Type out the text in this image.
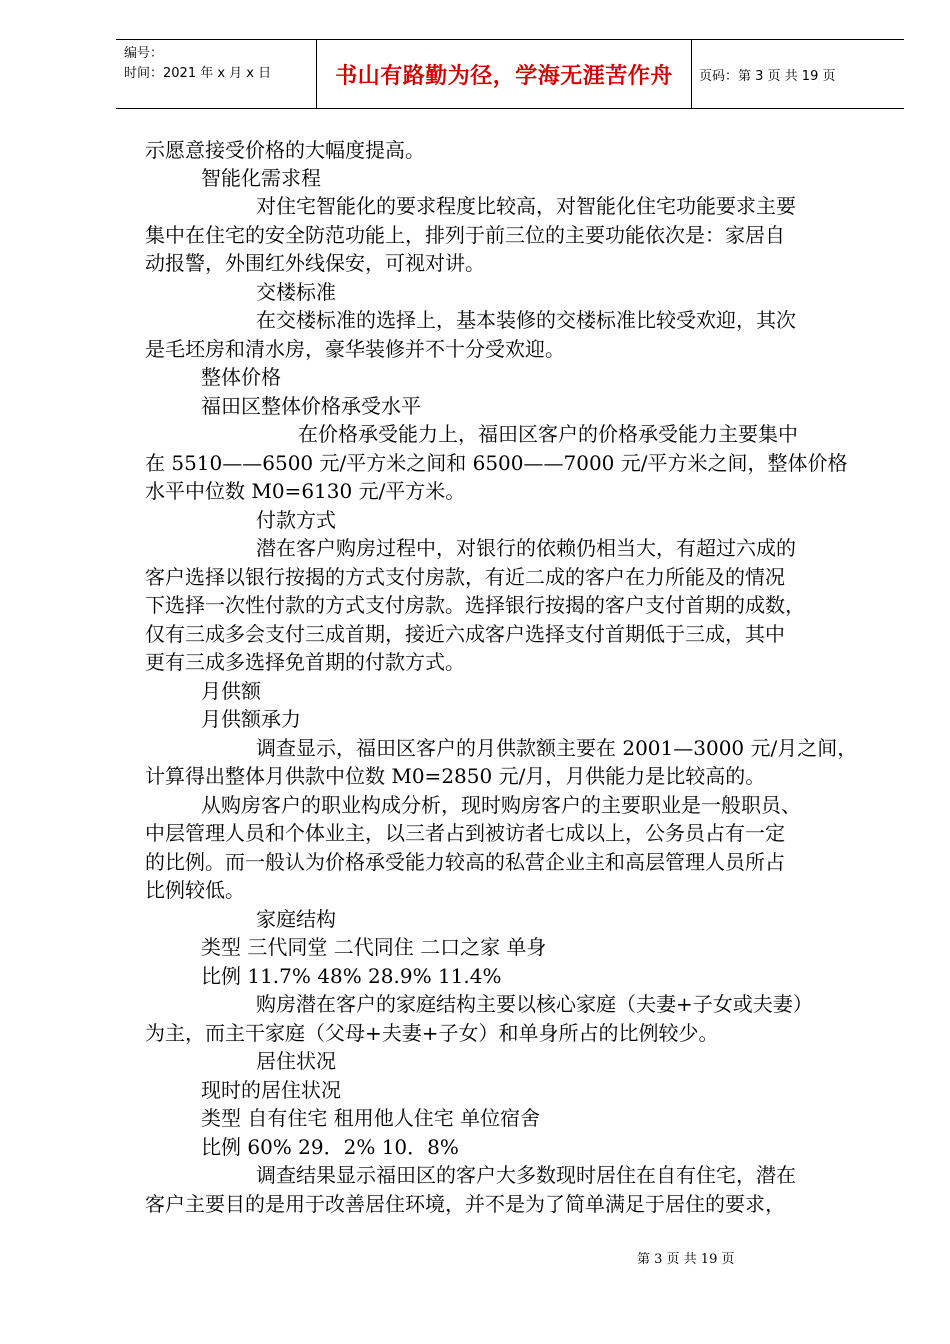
编号：
时间：2021 年 x 月 x 日	书山有路勤为径，学海无涯苦作舟 页码：第 3 页 共 19 页
示愿意接受价格的大幅度提高。
智能化需求程
对住宅智能化的要求程度比较高，对智能化住宅功能要求主要
集中在住宅的安全防范功能上，排列于前三位的主要功能依次是：家居自
动报警，外围红外线保安，可视对讲。
交楼标准
在交楼标准的选择上，基本装修的交楼标准比较受欢迎，其次
是毛坯房和清水房，豪华装修并不十分受欢迎。
整体价格
福田区整体价格承受水平
在价格承受能力上，福田区客户的价格承受能力主要集中
在 5510——6500 元/平方米之间和 6500——7000 元/平方米之间，整体价格
水平中位数 M0=6130 元/平方米。
付款方式
潜在客户购房过程中，对银行的依赖仍相当大，有超过六成的
客户选择以银行按揭的方式支付房款，有近二成的客户在力所能及的情况
下选择一次性付款的方式支付房款。选择银行按揭的客户支付首期的成数，
仅有三成多会支付三成首期，接近六成客户选择支付首期低于三成，其中
更有三成多选择免首期的付款方式。
月供额
月供额承力
调查显示，福田区客户的月供款额主要在 2001—3000 元/月之间，
计算得出整体月供款中位数 M0=2850 元/月，月供能力是比较高的。
从购房客户的职业构成分析，现时购房客户的主要职业是一般职员、
中层管理人员和个体业主，以三者占到被访者七成以上，公务员占有一定
的比例。而一般认为价格承受能力较高的私营企业主和高层管理人员所占
比例较低。
家庭结构
类型 三代同堂 二代同住 二口之家 单身
比例 11.7% 48% 28.9% 11.4%
购房潜在客户的家庭结构主要以核心家庭（夫妻+子女或夫妻）
为主，而主干家庭（父母+夫妻+子女）和单身所占的比例较少。
居住状况
现时的居住状况
类型 自有住宅 租用他人住宅 单位宿舍
比例 60% 29．2% 10．8%
调查结果显示福田区的客户大多数现时居住在自有住宅，潜在
客户主要目的是用于改善居住环境，并不是为了简单满足于居住的要求，
第 3 页 共 19 页
